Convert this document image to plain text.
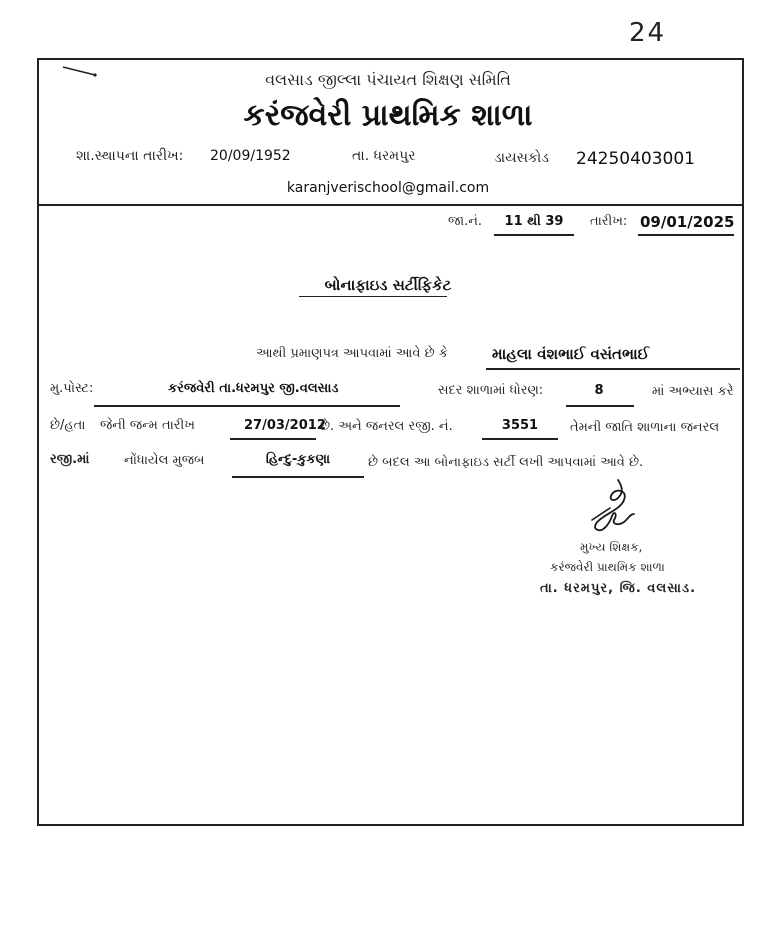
24
વલસાડ જીલ્લા પંચાયત શિક્ષણ સમિતિ
કરંજવેરી પ્રાથમિક શાળા
શા.સ્થાપના તારીખ: 20/09/1952	તા. ધરમપુર	ડાયસકોડ 24250403001
karanjverischool@gmail.com
જા.નં.	11 થી 39	તારીખ: 09/01/2025
બોનાફાઇડ સર્ટીફિકેટ
આથી પ્રમાણપત્ર આપવામાં આવે છે કે	માહલા વંશભાઈ વસંતભાઈ
મુ.પોસ્ટ:	કરંજવેરી તા.ધરમપુર જી.વલસાડ	સદર શાળામાં ધોરણ:	8	માં અભ્યાસ કરે
છે/હતા જેની જન્મ તારીખ	27/03/2012
છે. અને જનરલ રજી. નં.	3551	તેમની જાતિ શાળાના જનરલ
રજી.માં	નોંધાયેલ મુજબ	હિન્દુ-કુકણા	છે બદલ આ બોનાફાઇડ સર્ટી લખી આપવામાં આવે છે.
મુખ્ય શિક્ષક,
કરંજવેરી પ્રાથમિક શાળા
તા. ધરમપુર, જિ. વલસાડ.
